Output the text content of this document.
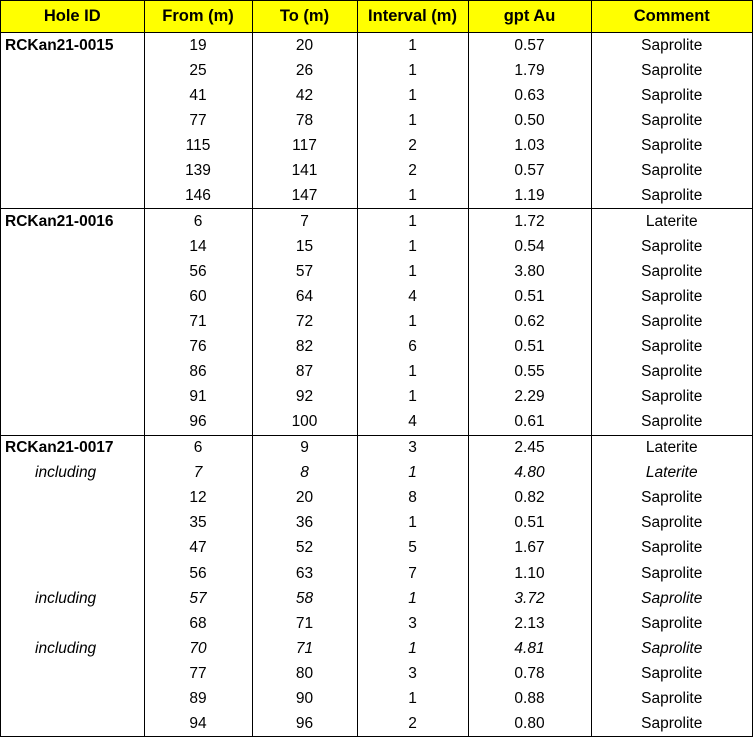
Hole ID	From (m)	To (m)	Interval (m)	gpt Au	Comment
RCKan21-0015	19	20	1	0.57	Saprolite
	25	26	1	1.79	Saprolite
	41	42	1	0.63	Saprolite
	77	78	1	0.50	Saprolite
	115	117	2	1.03	Saprolite
	139	141	2	0.57	Saprolite
	146	147	1	1.19	Saprolite
RCKan21-0016	6	7	1	1.72	Laterite
	14	15	1	0.54	Saprolite
	56	57	1	3.80	Saprolite
	60	64	4	0.51	Saprolite
	71	72	1	0.62	Saprolite
	76	82	6	0.51	Saprolite
	86	87	1	0.55	Saprolite
	91	92	1	2.29	Saprolite
	96	100	4	0.61	Saprolite
RCKan21-0017	6	9	3	2.45	Laterite
including	7	8	1	4.80	Laterite
	12	20	8	0.82	Saprolite
	35	36	1	0.51	Saprolite
	47	52	5	1.67	Saprolite
	56	63	7	1.10	Saprolite
including	57	58	1	3.72	Saprolite
	68	71	3	2.13	Saprolite
including	70	71	1	4.81	Saprolite
	77	80	3	0.78	Saprolite
	89	90	1	0.88	Saprolite
	94	96	2	0.80	Saprolite
